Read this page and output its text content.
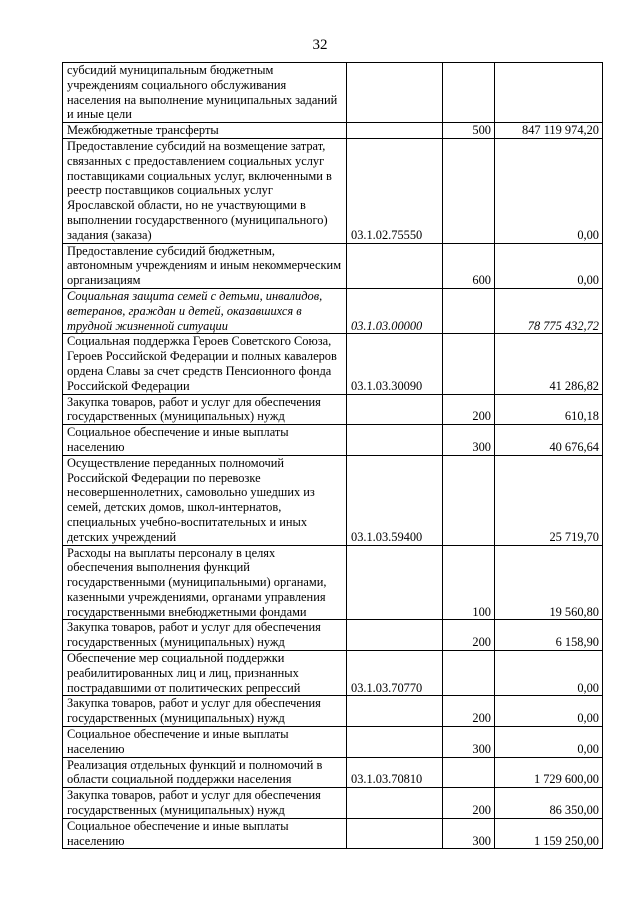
32
субсидий муниципальным бюджетным учреждениям социального обслуживания населения на выполнение муниципальных заданий и иные цели			
Межбюджетные трансферты		500	847 119 974,20
Предоставление субсидий на возмещение затрат, связанных с предоставлением социальных услуг поставщиками социальных услуг, включенными в реестр поставщиков социальных услуг Ярославской области, но не участвующими в выполнении государственного (муниципального) задания (заказа)	03.1.02.75550		0,00
Предоставление субсидий бюджетным, автономным учреждениям и иным некоммерческим организациям		600	0,00
Социальная защита семей с детьми, инвалидов, ветеранов, граждан и детей, оказавшихся в трудной жизненной ситуации	03.1.03.00000		78 775 432,72
Социальная поддержка Героев Советского Союза, Героев Российской Федерации и полных кавалеров ордена Славы за счет средств Пенсионного фонда Российской Федерации	03.1.03.30090		41 286,82
Закупка товаров, работ и услуг для обеспечения государственных (муниципальных) нужд		200	610,18
Социальное обеспечение и иные выплаты населению		300	40 676,64
Осуществление переданных полномочий Российской Федерации по перевозке несовершеннолетних, самовольно ушедших из семей, детских домов, школ-интернатов, специальных учебно-воспитательных и иных детских учреждений	03.1.03.59400		25 719,70
Расходы на выплаты персоналу в целях обеспечения выполнения функций государственными (муниципальными) органами, казенными учреждениями, органами управления государственными внебюджетными фондами		100	19 560,80
Закупка товаров, работ и услуг для обеспечения государственных (муниципальных) нужд		200	6 158,90
Обеспечение мер социальной поддержки реабилитированных лиц и лиц, признанных пострадавшими от политических репрессий	03.1.03.70770		0,00
Закупка товаров, работ и услуг для обеспечения государственных (муниципальных) нужд		200	0,00
Социальное обеспечение и иные выплаты населению		300	0,00
Реализация отдельных функций и полномочий в области социальной поддержки населения	03.1.03.70810		1 729 600,00
Закупка товаров, работ и услуг для обеспечения государственных (муниципальных) нужд		200	86 350,00
Социальное обеспечение и иные выплаты населению		300	1 159 250,00
